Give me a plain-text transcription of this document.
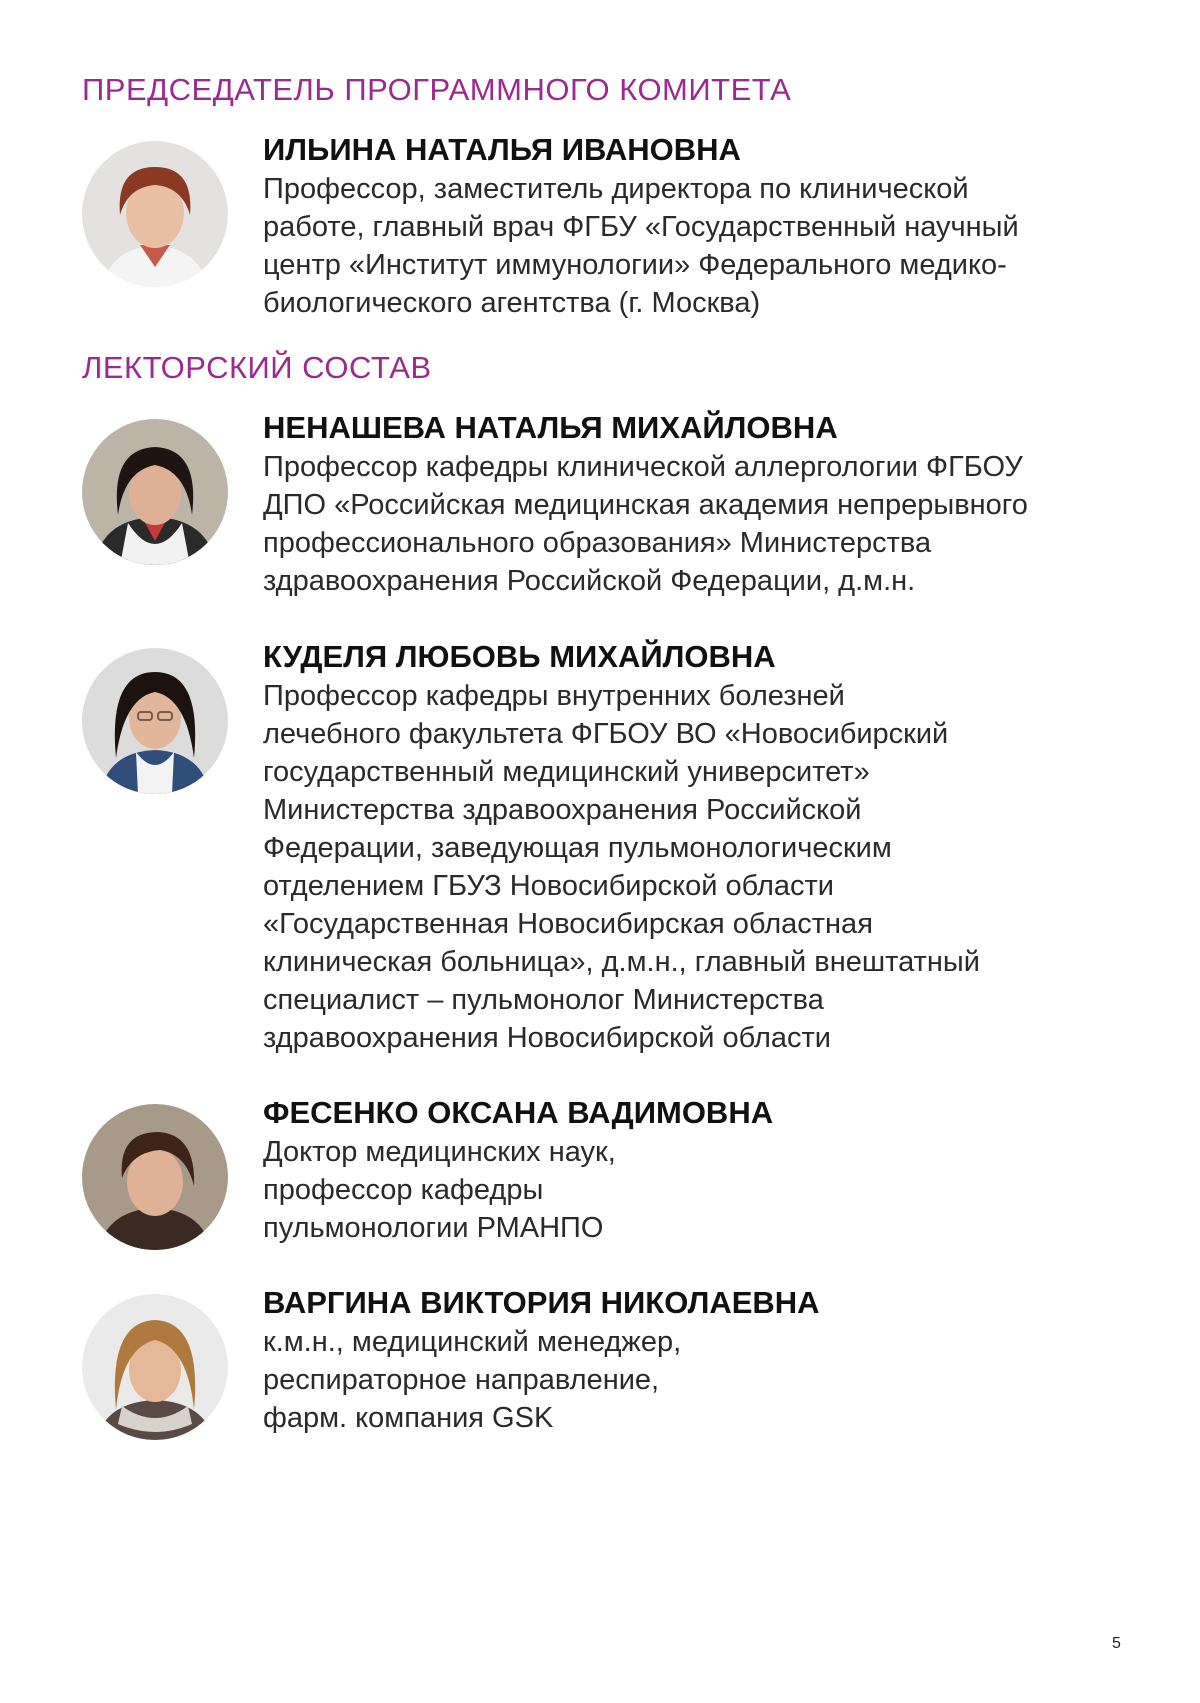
ПРЕДСЕДАТЕЛЬ ПРОГРАММНОГО КОМИТЕТА
ИЛЬИНА НАТАЛЬЯ ИВАНОВНА

Профессор, заместитель директора по клинической
работе, главный врач ФГБУ «Государственный научный
центр «Институт иммунологии» Федерального медико-
биологического агентства (г. Москва)

ЛЕКТОРСКИЙ СОСТАВ
НЕНАШЕВА НАТАЛЬЯ МИХАЙЛОВНА

Профессор кафедры клинической аллергологии ФГБОУ
ДПО «Российская медицинская академия непрерывного
профессионального образования» Министерства
здравоохранения Российской Федерации, д.м.н.

КУДЕЛЯ ЛЮБОВЬ МИХАЙЛОВНА

Профессор кафедры внутренних болезней
лечебного факультета ФГБОУ ВО «Новосибирский
государственный медицинский университет»
Министерства здравоохранения Российской
Федерации, заведующая пульмонологическим
отделением ГБУЗ Новосибирской области
«Государственная Новосибирская областная
клиническая больница», д.м.н., главный внештатный
специалист – пульмонолог Министерства
здравоохранения Новосибирской области

ФЕСЕНКО ОКСАНА ВАДИМОВНА

Доктор медицинских наук,
профессор кафедры
пульмонологии РМАНПО

ВАРГИНА ВИКТОРИЯ НИКОЛАЕВНА

к.м.н., медицинский менеджер,
респираторное направление,
фарм. компания GSK

5
